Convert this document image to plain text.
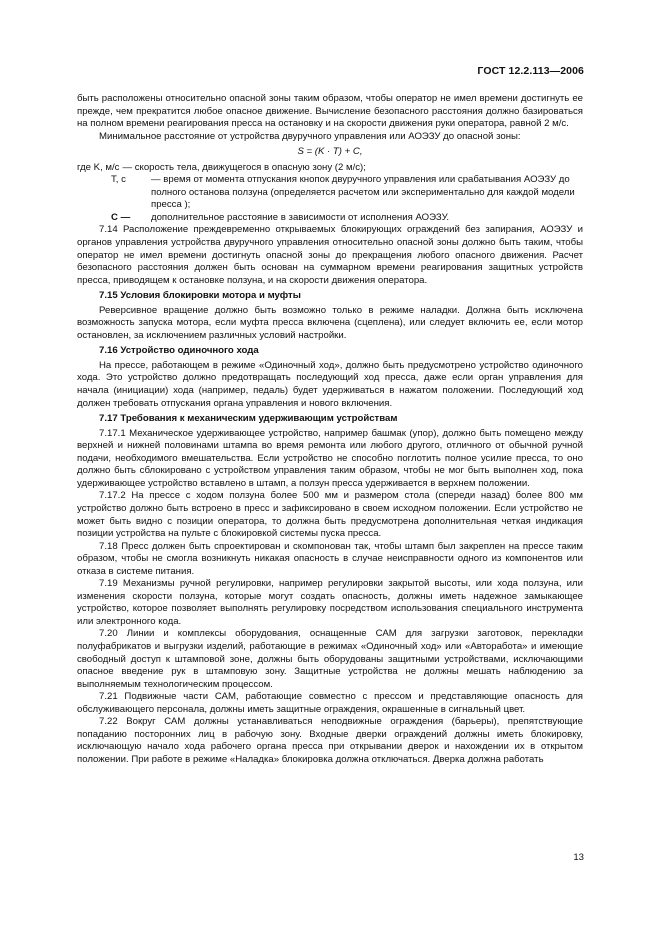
ГОСТ 12.2.113—2006

быть расположены относительно опасной зоны таким образом, чтобы оператор не имел времени достигнуть ее прежде, чем прекратится любое опасное движение. Вычисление безопасного расстояния должно базироваться на полном времени реагирования пресса на остановку и на скорости движения руки оператора, равной 2 м/с.

Минимальное расстояние от устройства двуручного управления или АОЭЗУ до опасной зоны:

S = (K · T) + C,

где K, м/с — скорость тела, движущегося в опасную зону (2 м/с);
T, с	— время от момента отпускания кнопок двуручного управления или срабатывания АОЭЗУ до полного останова ползуна (определяется расчетом или экспериментально для каждой модели пресса );
C —	дополнительное расстояние в зависимости от исполнения АОЭЗУ.

7.14 Расположение преждевременно открываемых блокирующих ограждений без запирания, АОЭЗУ и органов управления устройства двуручного управления относительно опасной зоны должно быть таким, чтобы оператор не имел времени достигнуть опасной зоны до прекращения любого опасного движения. Расчет безопасного расстояния должен быть основан на суммарном времени реагирования защитных устройств пресса, приводящем к остановке ползуна, и на скорости движения оператора.

7.15 Условия блокировки мотора и муфты

Реверсивное вращение должно быть возможно только в режиме наладки. Должна быть исключена возможность запуска мотора, если муфта пресса включена (сцеплена), или следует включить ее, если мотор остановлен, за исключением различных условий настройки.

7.16 Устройство одиночного хода

На прессе, работающем в режиме «Одиночный ход», должно быть предусмотрено устройство одиночного хода. Это устройство должно предотвращать последующий ход пресса, даже если орган управления для начала (инициации) хода (например, педаль) будет удерживаться в нажатом положении. Последующий ход должен требовать отпускания органа управления и нового включения.

7.17 Требования к механическим удерживающим устройствам

7.17.1 Механическое удерживающее устройство, например башмак (упор), должно быть помещено между верхней и нижней половинами штампа во время ремонта или любого другого, отличного от обычной ручной подачи, необходимого вмешательства. Если устройство не способно поглотить полное усилие пресса, то оно должно быть сблокировано с устройством управления таким образом, чтобы не мог быть выполнен ход, пока удерживающее устройство вставлено в штамп, а ползун пресса удерживается в верхнем положении.

7.17.2 На прессе с ходом ползуна более 500 мм и размером стола (спереди назад) более 800 мм устройство должно быть встроено в пресс и зафиксировано в своем исходном положении. Если устройство не может быть видно с позиции оператора, то должна быть предусмотрена дополнительная четкая индикация позиции устройства на пульте с блокировкой системы пуска пресса.

7.18 Пресс должен быть спроектирован и скомпонован так, чтобы штамп был закреплен на прессе таким образом, чтобы не смогла возникнуть никакая опасность в случае неисправности одного из компонентов или отказа в системе питания.

7.19 Механизмы ручной регулировки, например регулировки закрытой высоты, или хода ползуна, или изменения скорости ползуна, которые могут создать опасность, должны иметь надежное замыкающее устройство, которое позволяет выполнять регулировку посредством использования специального инструмента или электронного кода.

7.20 Линии и комплексы оборудования, оснащенные САМ для загрузки заготовок, перекладки полуфабрикатов и выгрузки изделий, работающие в режимах «Одиночный ход» или «Авторабота» и имеющие свободный доступ к штамповой зоне, должны быть оборудованы защитными устройствами, исключающими опасное введение рук в штамповую зону. Защитные устройства не должны мешать наблюдению за выполняемым технологическим процессом.

7.21 Подвижные части САМ, работающие совместно с прессом и представляющие опасность для обслуживающего персонала, должны иметь защитные ограждения, окрашенные в сигнальный цвет.

7.22 Вокруг САМ должны устанавливаться неподвижные ограждения (барьеры), препятствующие попаданию посторонних лиц в рабочую зону. Входные дверки ограждений должны иметь блокировку, исключающую начало хода рабочего органа пресса при открывании дверок и нахождении их в открытом положении. При работе в режиме «Наладка» блокировка должна отключаться. Дверка должна работать

13
